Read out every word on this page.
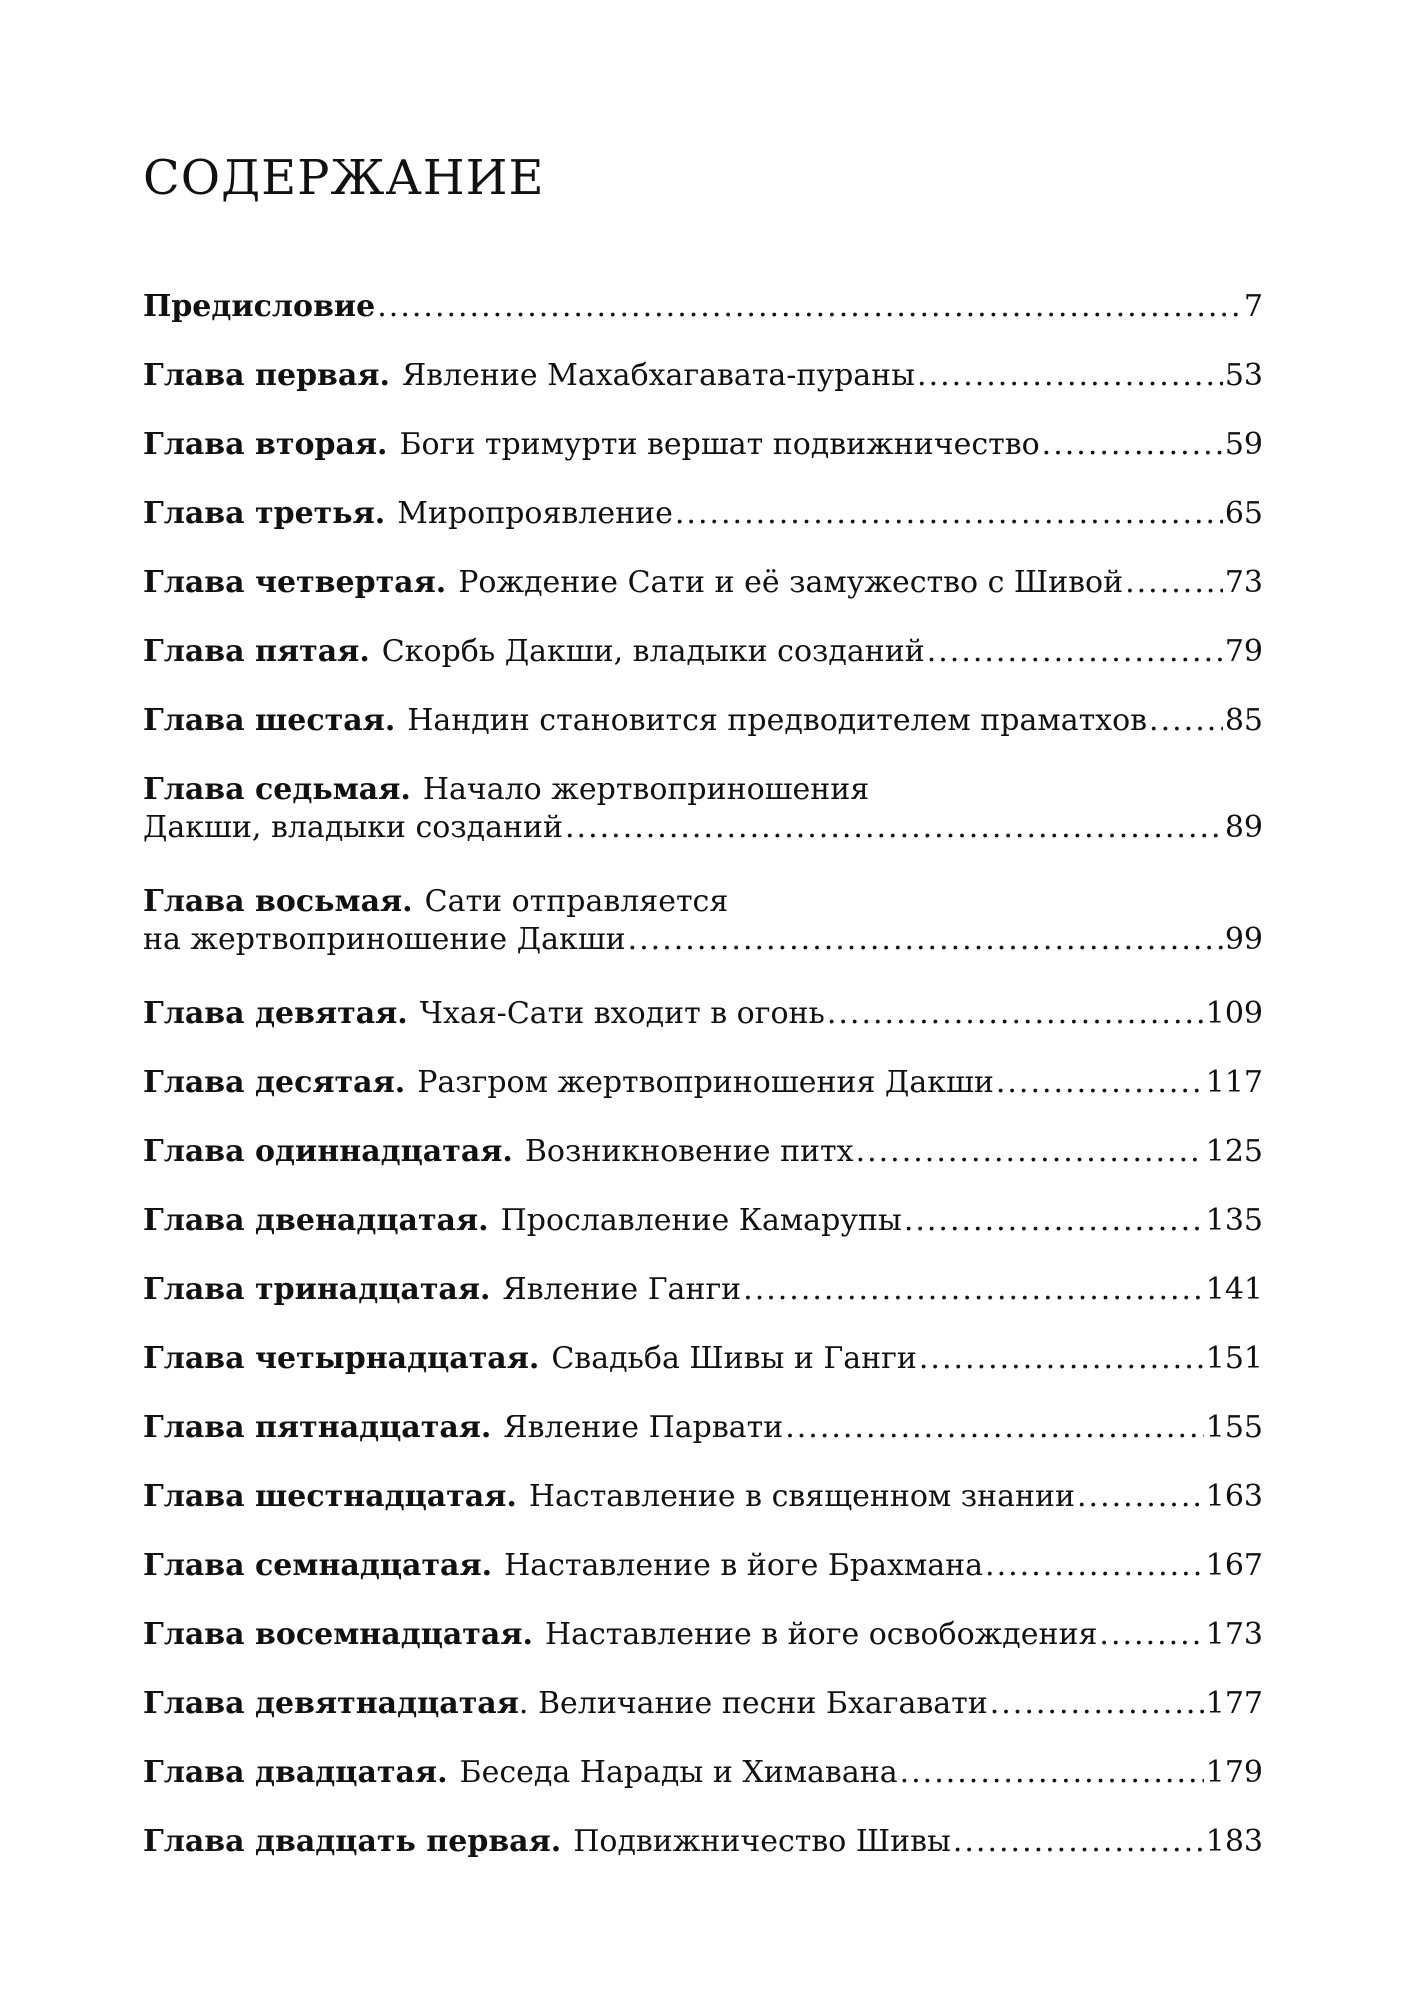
СОДЕРЖАНИЕ
Предисловие .....	7
Глава первая. Явление Махабхагавата-пураны .....	53
Глава вторая. Боги тримурти вершат подвижничество .....	59
Глава третья. Миропроявление .....	65
Глава четвертая. Рождение Сати и её замужество с Шивой .....	73
Глава пятая. Скорбь Дакши, владыки созданий .....	79
Глава шестая. Нандин становится предводителем праматхов .....	85
Глава седьмая. Начало жертвоприношения
Дакши, владыки созданий .....	89
Глава восьмая. Сати отправляется
на жертвоприношение Дакши .....	99
Глава девятая. Чхая-Сати входит в огонь .....	109
Глава десятая. Разгром жертвоприношения Дакши .....	117
Глава одиннадцатая. Возникновение питх .....	125
Глава двенадцатая. Прославление Камарупы .....	135
Глава тринадцатая. Явление Ганги .....	141
Глава четырнадцатая. Свадьба Шивы и Ганги .....	151
Глава пятнадцатая. Явление Парвати .....	155
Глава шестнадцатая. Наставление в священном знании .....	163
Глава семнадцатая. Наставление в йоге Брахмана .....	167
Глава восемнадцатая. Наставление в йоге освобождения .....	173
Глава девятнадцатая . Величание песни Бхагавати .....	177
Глава двадцатая. Беседа Нарады и Химавана .....	179
Глава двадцать первая. Подвижничество Шивы .....	183
